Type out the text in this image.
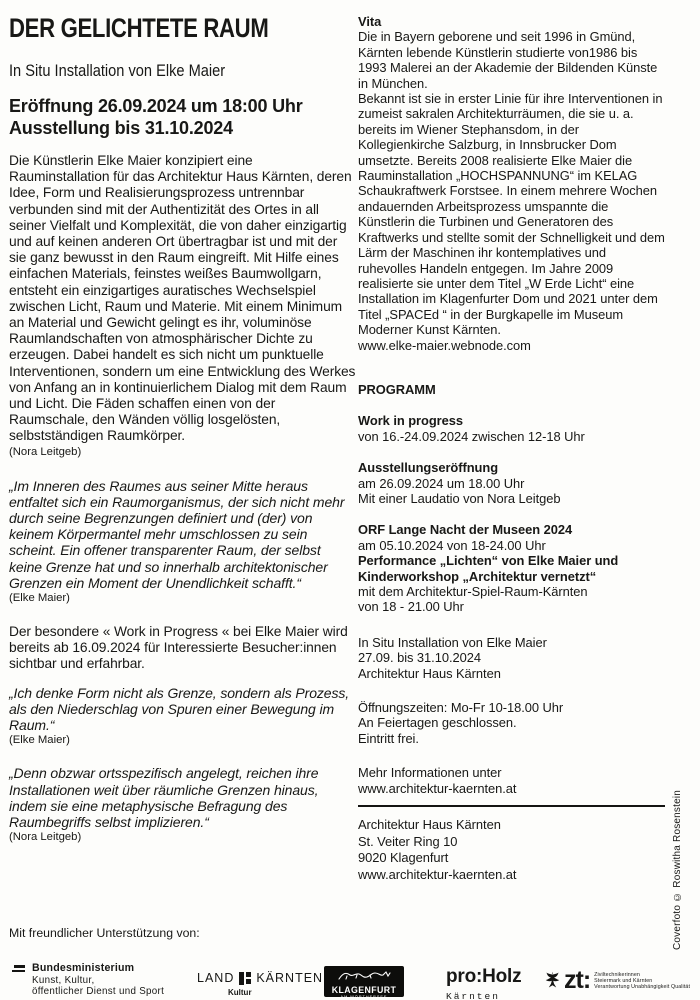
DER GELICHTETE RAUM
In Situ Installation von Elke Maier
Eröffnung 26.09.2024 um 18:00 Uhr
Ausstellung bis 31.10.2024
Die Künstlerin Elke Maier konzipiert eine Rauminstallation für das Architektur Haus Kärnten, deren Idee, Form und Realisierungsprozess untrennbar verbunden sind mit der Authentizität des Ortes in all seiner Vielfalt und Komplexität, die von daher einzigartig und auf keinen anderen Ort übertragbar ist und mit der sie ganz bewusst in den Raum eingreift. Mit Hilfe eines einfachen Materials, feinstes weißes Baumwollgarn, entsteht ein einzigartiges auratisches Wechselspiel zwischen Licht, Raum und Materie. Mit einem Minimum an Material und Gewicht gelingt es ihr, voluminöse Raumlandschaften von atmosphärischer Dichte zu erzeugen. Dabei handelt es sich nicht um punktuelle Interventionen, sondern um eine Entwicklung des Werkes von Anfang an in kontinuierlichem Dialog mit dem Raum und Licht. Die Fäden schaffen einen von der Raumschale, den Wänden völlig losgelösten, selbstständigen Raumkörper.
(Nora Leitgeb)
„Im Inneren des Raumes aus seiner Mitte heraus entfaltet sich ein Raumorganismus, der sich nicht mehr durch seine Begrenzungen definiert und (der) von keinem Körpermantel mehr umschlossen zu sein scheint. Ein offener transparenter Raum, der selbst keine Grenze hat und so innerhalb architektonischer Grenzen ein Moment der Unendlichkeit schafft.“
(Elke Maier)
Der besondere « Work in Progress « bei Elke Maier wird bereits ab 16.09.2024 für Interessierte Besucher:innen sichtbar und erfahrbar.
„Ich denke Form nicht als Grenze, sondern als Prozess, als den Niederschlag von Spuren einer Bewegung im Raum.“
(Elke Maier)
„Denn obzwar ortsspezifisch angelegt, reichen ihre Installationen weit über räumliche Grenzen hinaus, indem sie eine metaphysische Befragung des Raumbegriffs selbst implizieren.“
(Nora Leitgeb)
Vita
Die in Bayern geborene und seit 1996 in Gmünd, Kärnten lebende Künstlerin studierte von1986 bis 1993 Malerei an der Akademie der Bildenden Künste in München.
Bekannt ist sie in erster Linie für ihre Interventionen in zumeist sakralen Architekturräumen, die sie u. a. bereits im Wiener Stephansdom, in der Kollegienkirche Salzburg, in Innsbrucker Dom umsetzte. Bereits 2008 realisierte Elke Maier die Rauminstallation „HOCHSPANNUNG“ im KELAG Schaukraftwerk Forstsee. In einem mehrere Wochen andauernden Arbeitsprozess umspannte die Künstlerin die Turbinen und Generatoren des Kraftwerks und stellte somit der Schnelligkeit und dem Lärm der Maschinen ihr kontemplatives und ruhevolles Handeln entgegen. Im Jahre 2009 realisierte sie unter dem Titel „W Erde Licht“ eine Installation im Klagenfurter Dom und 2021 unter dem Titel „SPACEd “ in der Burgkapelle im Museum Moderner Kunst Kärnten.
www.elke-maier.webnode.com
PROGRAMM
Work in progress
von 16.-24.09.2024 zwischen 12-18 Uhr
Ausstellungseröffnung
am 26.09.2024 um 18.00 Uhr
Mit einer Laudatio von Nora Leitgeb
ORF Lange Nacht der Museen 2024
am 05.10.2024 von 18-24.00 Uhr
Performance „Lichten“ von Elke Maier und
Kinderworkshop „Architektur vernetzt“
mit dem Architektur-Spiel-Raum-Kärnten
von 18 - 21.00 Uhr
In Situ Installation von Elke Maier
27.09. bis 31.10.2024
Architektur Haus Kärnten
Öffnungszeiten: Mo-Fr 10-18.00 Uhr
An Feiertagen geschlossen.
Eintritt frei.
Mehr Informationen unter
www.architektur-kaernten.at
Architektur Haus Kärnten
St. Veiter Ring 10
9020 Klagenfurt
www.architektur-kaernten.at
Mit freundlicher Unterstützung von:
Bundesministerium
Kunst, Kultur,
öffentlicher Dienst und Sport
LAND KÄRNTEN
Kultur	KLAGENFURT
AM WÖRTHERSEE
pro:Holz
Kärnten
zt: Ziviltechnikerinnen
Steiermark und Kärnten
Verantwortung Unabhängigkeit Qualität
Coverfoto © Roswitha Rosenstein
